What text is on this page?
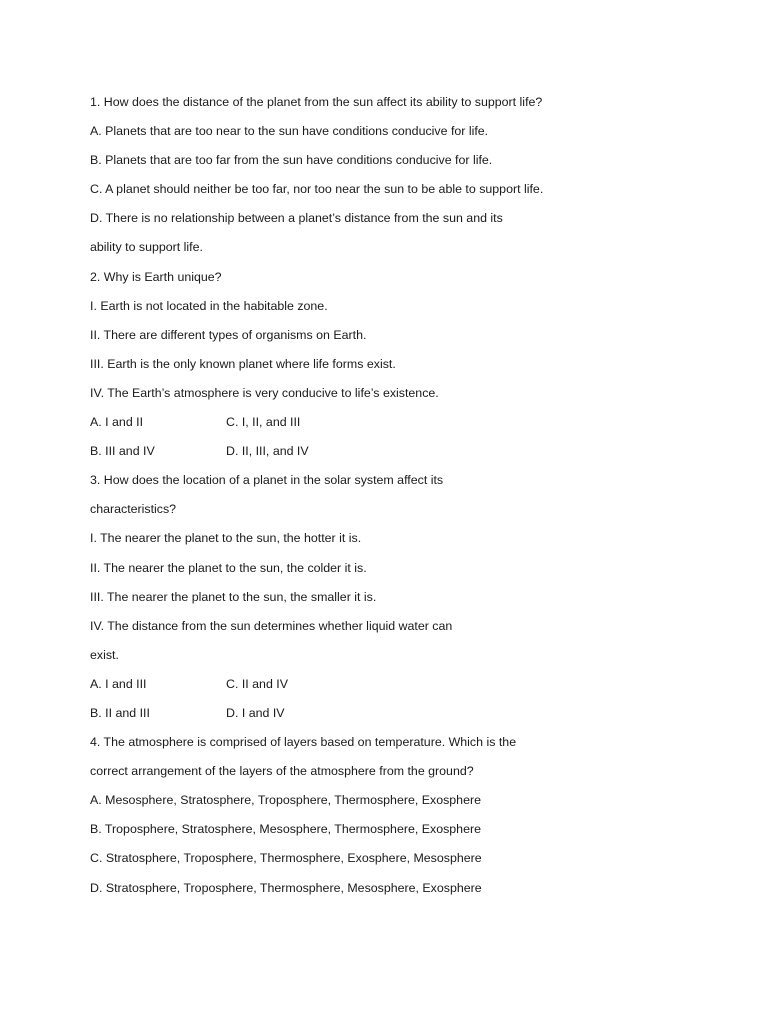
1. How does the distance of the planet from the sun affect its ability to support life?
A. Planets that are too near to the sun have conditions conducive for life.
B. Planets that are too far from the sun have conditions conducive for life.
C. A planet should neither be too far, nor too near the sun to be able to support life.
D. There is no relationship between a planet’s distance from the sun and its
ability to support life.
2. Why is Earth unique?
I. Earth is not located in the habitable zone.
II. There are different types of organisms on Earth.
III. Earth is the only known planet where life forms exist.
IV. The Earth’s atmosphere is very conducive to life’s existence.
A. I and II	C. I, II, and III
B. III and IV	D. II, III, and IV
3. How does the location of a planet in the solar system affect its
characteristics?
I. The nearer the planet to the sun, the hotter it is.
II. The nearer the planet to the sun, the colder it is.
III. The nearer the planet to the sun, the smaller it is.
IV. The distance from the sun determines whether liquid water can
exist.
A. I and III	C. II and IV
B. II and III	D. I and IV
4. The atmosphere is comprised of layers based on temperature. Which is the
correct arrangement of the layers of the atmosphere from the ground?
A. Mesosphere, Stratosphere, Troposphere, Thermosphere, Exosphere
B. Troposphere, Stratosphere, Mesosphere, Thermosphere, Exosphere
C. Stratosphere, Troposphere, Thermosphere, Exosphere, Mesosphere
D. Stratosphere, Troposphere, Thermosphere, Mesosphere, Exosphere
